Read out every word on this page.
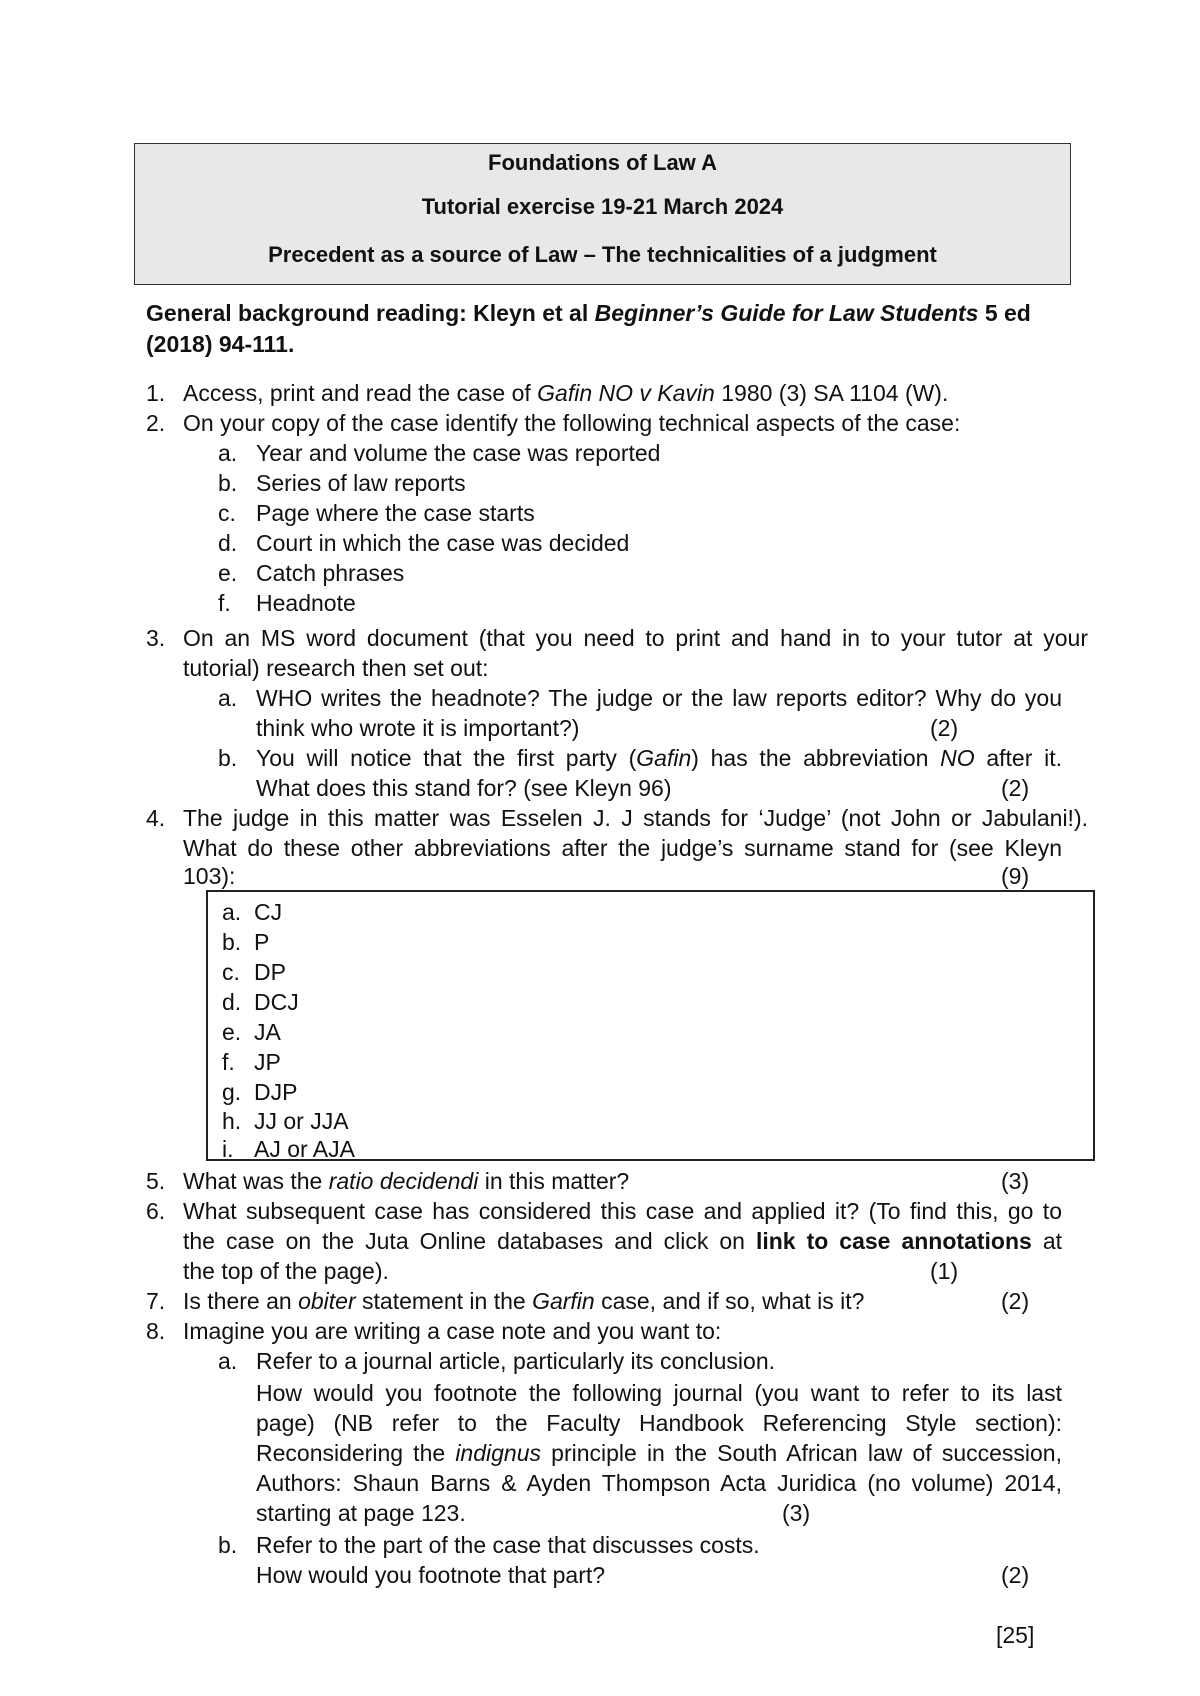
Foundations of Law A
Tutorial exercise 19-21 March 2024
Precedent as a source of Law – The technicalities of a judgment
General background reading: Kleyn et al Beginner’s Guide for Law Students 5 ed (2018) 94-111.
1. Access, print and read the case of Gafin NO v Kavin 1980 (3) SA 1104 (W).
2. On your copy of the case identify the following technical aspects of the case:
a. Year and volume the case was reported
b. Series of law reports
c. Page where the case starts
d. Court in which the case was decided
e. Catch phrases
f. Headnote
3. On an MS word document (that you need to print and hand in to your tutor at your
tutorial) research then set out:
a. WHO writes the headnote? The judge or the law reports editor? Why do you
think who wrote it is important?)	(2)
b. You will notice that the first party (Gafin) has the abbreviation NO after it.
What does this stand for? (see Kleyn 96)	(2)
4. The judge in this matter was Esselen J. J stands for ‘Judge’ (not John or Jabulani!).
What do these other abbreviations after the judge’s surname stand for (see Kleyn
103):	(9)
a. CJ
b. P
c. DP
d. DCJ
e. JA
f. JP
g. DJP
h. JJ or JJA
i. AJ or AJA
5. What was the ratio decidendi in this matter?	(3)
6. What subsequent case has considered this case and applied it? (To find this, go to
the case on the Juta Online databases and click on link to case annotations at
the top of the page).	(1)
7. Is there an obiter statement in the Garfin case, and if so, what is it?	(2)
8. Imagine you are writing a case note and you want to:
a. Refer to a journal article, particularly its conclusion.
How would you footnote the following journal (you want to refer to its last
page) (NB refer to the Faculty Handbook Referencing Style section):
Reconsidering the indignus principle in the South African law of succession,
Authors: Shaun Barns & Ayden Thompson Acta Juridica (no volume) 2014,
starting at page 123.	(3)
b. Refer to the part of the case that discusses costs.
How would you footnote that part?	(2)
[25]
